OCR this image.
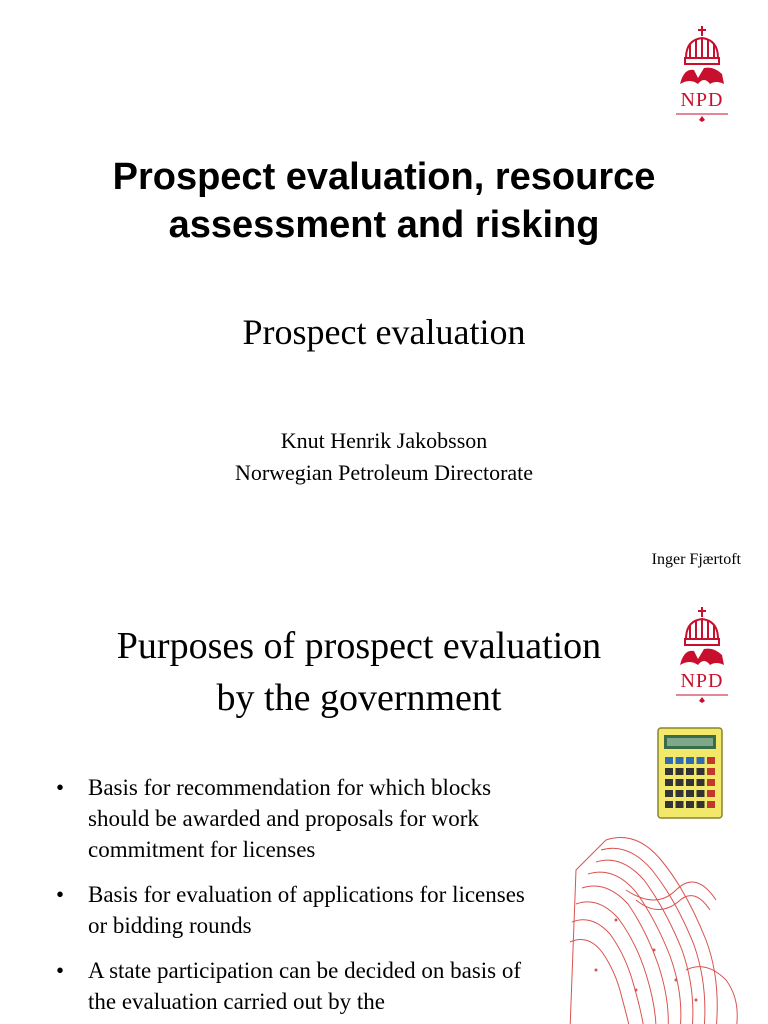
NPD
Prospect evaluation, resource assessment and risking
Prospect evaluation
Knut Henrik Jakobsson
Norwegian Petroleum Directorate
Inger Fjærtoft
NPD
Purposes of prospect evaluation
by the government
• Basis for recommendation for which blocks should be awarded and proposals for work commitment for licenses
• Basis for evaluation of applications for licenses or bidding rounds
• A state participation can be decided on basis of the evaluation carried out by the
